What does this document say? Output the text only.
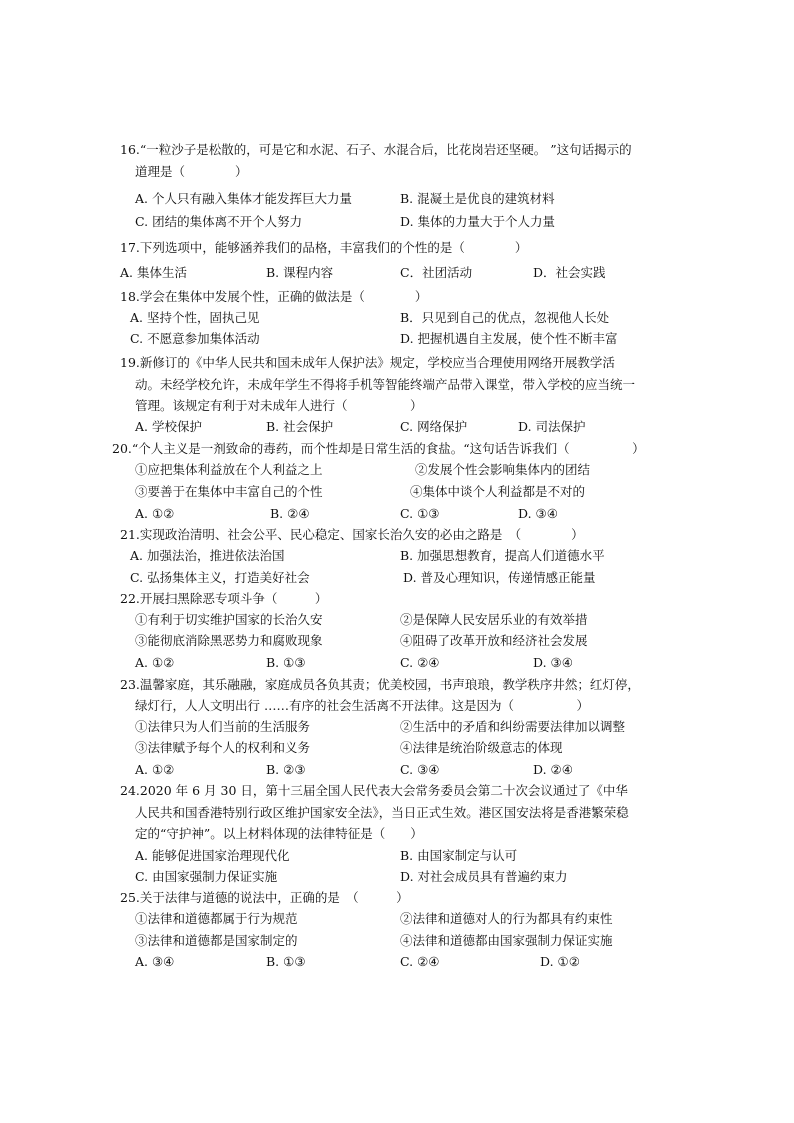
16.“一粒沙子是松散的，可是它和水泥、石子、水混合后，比花岗岩还坚硬。 ”这句话揭示的
道理是（　　　　）
A. 个人只有融入集体才能发挥巨大力量	B. 混凝土是优良的建筑材料
C. 团结的集体离不开个人努力	D. 集体的力量大于个人力量
17.下列选项中，能够涵养我们的品格，丰富我们的个性的是（　　　　）
A. 集体生活	B. 课程内容	C．社团活动	D．社会实践
18.学会在集体中发展个性，正确的做法是（　　　　）
A. 坚持个性，固执己见	B．只见到自己的优点，忽视他人长处
C. 不愿意参加集体活动	D. 把握机遇自主发展，使个性不断丰富
19.新修订的《中华人民共和国未成年人保护法》规定，学校应当合理使用网络开展教学活
动。未经学校允许，未成年学生不得将手机等智能终端产品带入课堂，带入学校的应当统一
管理。该规定有利于对未成年人进行（　　　　　）
A. 学校保护	B. 社会保护	C. 网络保护	D. 司法保护
20.“个人主义是一剂致命的毒药，而个性却是日常生活的食盐。“这句话告诉我们（　　　　　）
①应把集体利益放在个人利益之上	②发展个性会影响集体内的团结
③要善于在集体中丰富自己的个性	④集体中谈个人利益都是不对的
A. ①②	B. ②④	C. ①③	D. ③④
21.实现政治清明、社会公平、民心稳定、国家长治久安的必由之路是　（　　　　）
A. 加强法治，推进依法治国	B. 加强思想教育，提高人们道德水平
C. 弘扬集体主义，打造美好社会	D. 普及心理知识，传递情感正能量
22.开展扫黑除恶专项斗争（　　　）
①有利于切实维护国家的长治久安	②是保障人民安居乐业的有效举措
③能彻底消除黑恶势力和腐败现象	④阻碍了改革开放和经济社会发展
A. ①②	B. ①③	C. ②④	D. ③④
23.温馨家庭，其乐融融，家庭成员各负其责；优美校园，书声琅琅，教学秩序井然；红灯停，
绿灯行，人人文明出行 ……有序的社会生活离不开法律。这是因为（　　　　　）
①法律只为人们当前的生活服务	②生活中的矛盾和纠纷需要法律加以调整
③法律赋予每个人的权利和义务	④法律是统治阶级意志的体现
A. ①②	B. ②③	C. ③④	D. ②④
24.2020 年 6 月 30 日，第十三届全国人民代表大会常务委员会第二十次会议通过了《中华
人民共和国香港特别行政区维护国家安全法》，当日正式生效。港区国安法将是香港繁荣稳
定的“守护神”。以上材料体现的法律特征是（　　）
A. 能够促进国家治理现代化	B. 由国家制定与认可
C. 由国家强制力保证实施	D. 对社会成员具有普遍约束力
25.关于法律与道德的说法中，正确的是　（　　　）
①法律和道德都属于行为规范	②法律和道德对人的行为都具有约束性
③法律和道德都是国家制定的	④法律和道德都由国家强制力保证实施
A. ③④	B. ①③	C. ②④	D. ①②
